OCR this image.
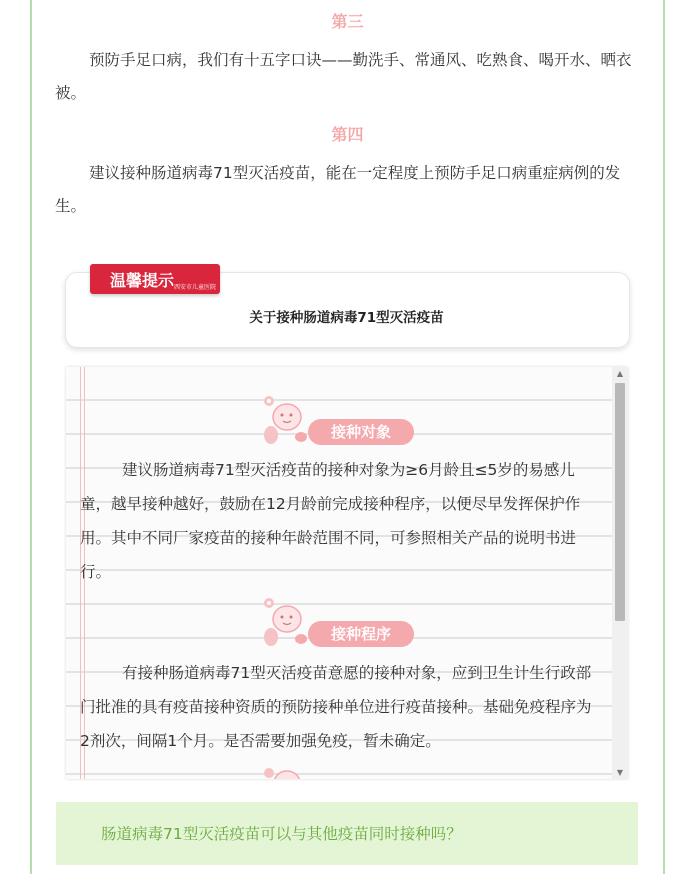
第三
预防手足口病，我们有十五字口诀——勤洗手、常通风、吃熟食、喝开水、晒衣被。
第四
建议接种肠道病毒71型灭活疫苗，能在一定程度上预防手足口病重症病例的发生。
温馨提示 西安市儿童医院
关于接种肠道病毒71型灭活疫苗
接种对象
建议肠道病毒71型灭活疫苗的接种对象为≥6月龄且≤5岁的易感儿童，越早接种越好，鼓励在12月龄前完成接种程序，以便尽早发挥保护作用。其中不同厂家疫苗的接种年龄范围不同，可参照相关产品的说明书进行。
接种程序
有接种肠道病毒71型灭活疫苗意愿的接种对象，应到卫生计生行政部门批准的具有疫苗接种资质的预防接种单位进行疫苗接种。基础免疫程序为2剂次，间隔1个月。是否需要加强免疫，暂未确定。
▲
▼
肠道病毒71型灭活疫苗可以与其他疫苗同时接种吗？
